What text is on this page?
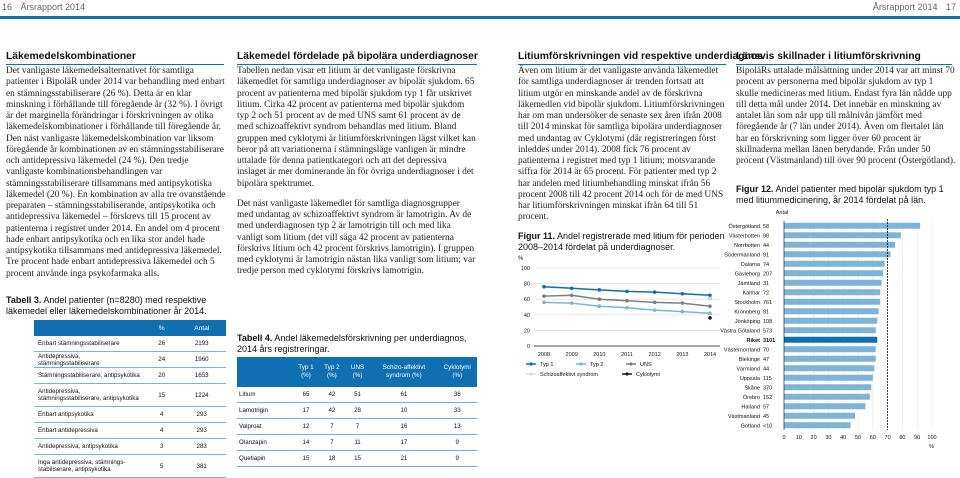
16 Årsrapport 2014	Årsrapport 2014 17
Läkemedelskombinationer

Det vanligaste läkemedelsalternativet för samtliga patienter i BipoläR under 2014 var behandling med enbart en stämningsstabiliserare (26 %). Detta är en klar minskning i förhållande till föregående år (32 %). I övrigt är det marginella förändringar i förskrivningen av olika läkemedelskombinationer i förhållande till föregående år. Den näst vanligaste läkemedelskombination var liksom föregående år kombinationen av en stämningsstabiliserare och antidepressiva läkemedel (24 %). Den tredje vanligaste kombinationsbehandlingen var stämningsstabiliserare tillsammans med antipsykotiska läkemedel (20 %). En kombination av alla tre ovanstående preparaten – stämningsstabiliserande, antipsykotika och antidepressiva läkemedel – förskrevs till 15 procent av patienterna i registret under 2014. En andel om 4 procent hade enbart antipsykotika och en lika stor andel hade antipsykotika tillsammans med antidepressiva läkemedel. Tre procent hade enbart antidepressiva läkemedel och 5 procent använde inga psykofarmaka alls.

Tabell 3. Andel patienter (n=8280) med respektive läkemedel eller läkemedelskombinationer år 2014.
	%	Antal
Enbart stämningsstabiliserare	26	2193
Antidepressiva, stämningsstabiliserare	24	1960
Stämningsstabiliserare, antipsykotika	20	1653
Antidepressiva, stämningsstabiliserare, antipsykotika	15	1224
Enbart antipsykotika	4	293
Enbart antidepressiva	4	293
Antidepressiva, antipsykotika	3	283
Inga antidepressiva, stämningsstabiliserare, antipsykotika	5	381
Läkemedel fördelade på bipolära underdiagnoser

Tabellen nedan visar ett litium är det vanligaste förskrivna läkemedlet för samtliga underdiagnoser av bipolär sjukdom. 65 procent av patienterna med bipolär sjukdom typ 1 får utskrivet litium. Cirka 42 procent av patienterna med bipolär sjukdom typ 2 och 51 procent av de med UNS samt 61 procent av de med schizoaffektivt syndrom behandlas med litium. Bland gruppen med cyklotymi är litiumförskrivningen lägst vilket kan beror på att variationerna i stämningsläge vanligen är mindre uttalade för denna patientkategori och att det depressiva inslaget är mer dominerande än för övriga underdiagnoser i det bipolära spektrumet.

Det näst vanligaste läkemedlet för samtliga diagnosgrupper med undantag av schizoaffektivt syndrom är lamotrigin. Av de med underdiagnosen typ 2 är lamotrigin till och med lika vanligt som litium (det vill säga 42 procent av patienterna förskrivs litium och 42 procent förskrivs lamotrigin). I gruppen med cyklotymi är lamotrigin nästan lika vanligt som litium; var tredje person med cyklotymi förskrivs lamotrigin.

Tabell 4. Andel läkemedelsförskrivning per underdiagnos, 2014 års registreringar.
	Typ 1 (%)	Typ 2 (%)	UNS (%)	Schizo-affektivt syndrom (%)	Cyklotymi (%)
Litium	65	42	51	61	36
Lamotrigin	17	42	28	10	33
Valproat	12	7	7	16	13
Olanzapin	14	7	11	17	9
Quetiapin	15	18	15	21	9
Litiumförskrivningen vid respektive underdiagnos

Även om litium är det vanligaste använda läkemedlet för samtliga underdiagnoser är trenden fortsatt att litium utgör en minskande andel av de förskrivna läkemedlen vid bipolär sjukdom. Litiumförskrivningen har om man undersöker de senaste sex åren ifrån 2008 till 2014 minskat för samtliga bipolära underdiagnoser med undantag av Cyklotymi (där registreringen först inleddes under 2014). 2008 fick 76 procent av patienterna i registret med typ 1 litium; motsvarande siffra för 2014 är 65 procent. För patienter med typ 2 har andelen med litiumbehandling minskat ifrån 56 procent 2008 till 42 procent 2014 och för de med UNS har litiumförskrivningen minskat ifrån 64 till 51 procent.

Figur 11. Andel registrerade med litium för perioden 2008–2014 fördelat på underdiagnoser.
%
0
20
40
60
80
100
2008	2009	2010	2011	2012	2013	2014
Typ 1	Typ 2	UNS
Schizoaffektivt syndrom	Cyklotymi
Länsvis skillnader i litiumförskrivning

BipoläRs uttalade målsättning under 2014 var att minst 70 procent av personerna med bipolär sjukdom av typ 1 skulle medicineras med litium. Endast fyra län nådde upp till detta mål under 2014. Det innebär en minskning av antalet län som når upp till målnivån jämfört med föregående år (7 län under 2014). Även om flertalet län har en förskrivning som ligger över 60 procent är skillnaderna mellan länen betydande. Från under 50 procent (Västmanland) till över 90 procent (Östergötland).

Figur 12. Andel patienter med bipolär sjukdom typ 1 med litiummedicinering, år 2014 fördelat på län.
Antal
0 10 20 30 40 50 60 70 80 90 100
%
Östergötland 58
Västerbotten 98
Norrbotten 44
Södermanland 91
Dalarna 74
Gävleborg 207
Jämtland 31
Kalmar 72
Stockholm 761
Kronoberg 81
Jönköping 108
Västra Götaland 573
Riket 3101
Västernorrland 70
Blekinge 47
Värmland 44
Uppsala 115
Skåne 370
Örebro 152
Halland 57
Västmanland 45
Gotland <10
